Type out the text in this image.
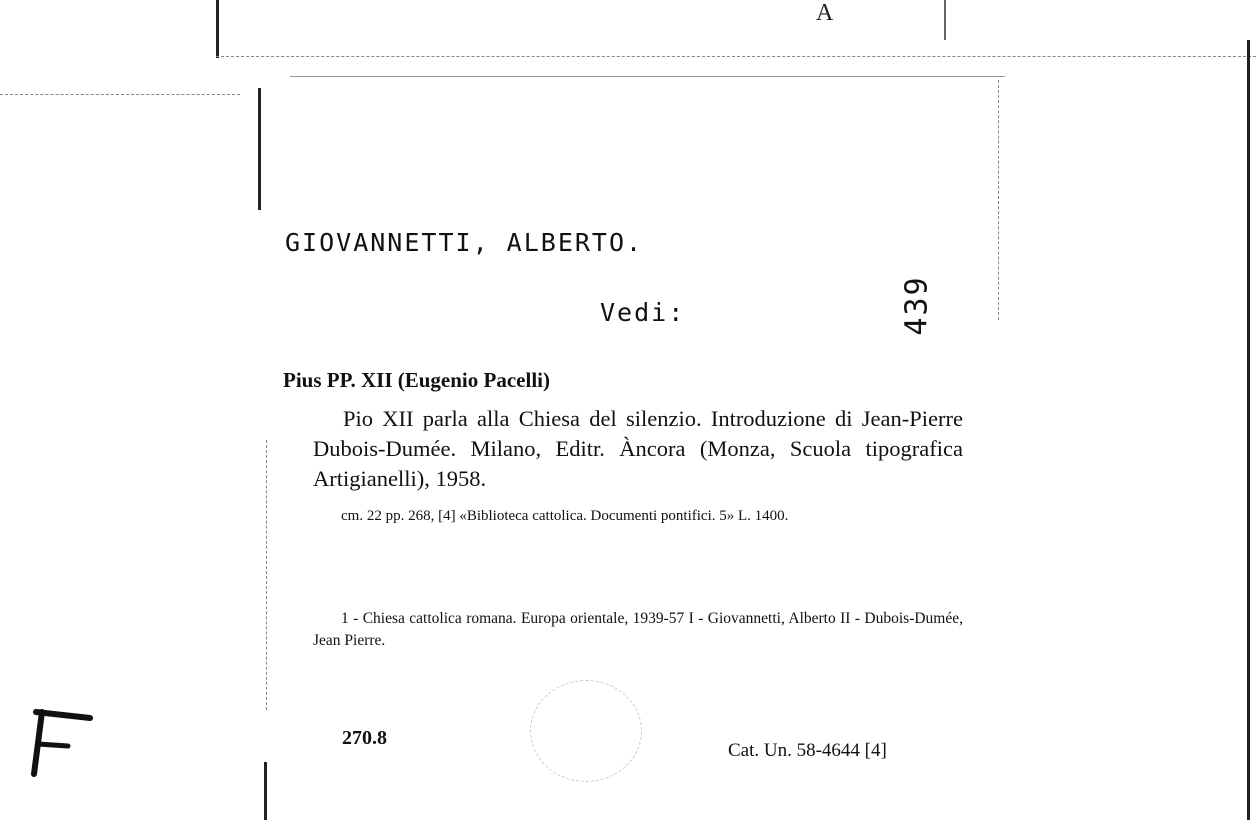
A
GIOVANNETTI, ALBERTO.
Vedi:	439
Pius PP. XII (Eugenio Pacelli)
Pio XII parla alla Chiesa del silenzio. Introduzione di Jean-Pierre Dubois-Dumée. Milano, Editr. Àncora (Monza, Scuola tipografica Artigianelli), 1958.
cm. 22 pp. 268, [4] «Biblioteca cattolica. Documenti pontifici. 5» L. 1400.
1 - Chiesa cattolica romana. Europa orientale, 1939-57 I - Giovannetti, Alberto II - Dubois-Dumée, Jean Pierre.
270.8
Cat. Un. 58-4644 [4]
